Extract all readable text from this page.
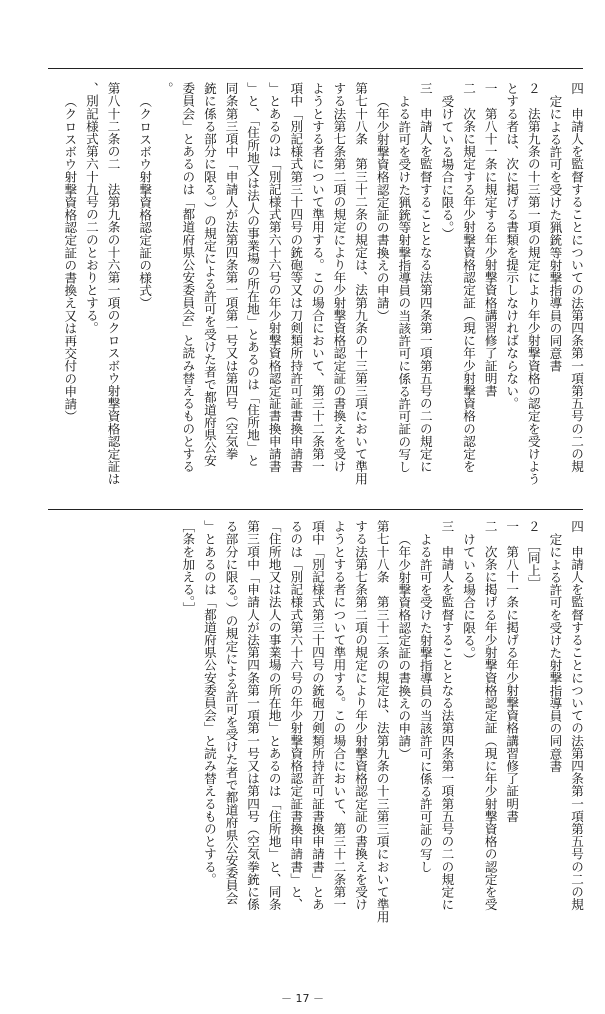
四　申請人を監督することについての法第四条第一項第五号の二の規

定による許可を受けた猟銃等射撃指導員の同意書

２　法第九条の十三第一項の規定により年少射撃資格の認定を受けよう

とする者は、次に掲げる書類を提示しなければならない。

一　第八十一条に規定する年少射撃資格講習修了証明書

二　次条に規定する年少射撃資格認定証（現に年少射撃資格の認定を

受けている場合に限る。）

三　申請人を監督することとなる法第四条第一項第五号の二の規定に

よる許可を受けた猟銃等射撃指導員の当該許可に係る許可証の写し

（年少射撃資格認定証の書換えの申請）

第七十八条　第三十二条の規定は、法第九条の十三第三項において準用

する法第七条第二項の規定により年少射撃資格認定証の書換えを受け

ようとする者について準用する。この場合において、第三十二条第一

項中「別記様式第三十四号の銃砲等又は刀剣類所持許可証書換申請書

」とあるのは「別記様式第六十六号の年少射撃資格認定証書換申請書

」と、「住所地又は法人の事業場の所在地」とあるのは「住所地」と

同条第三項中「申請人が法第四条第一項第一号又は第四号（空気拳

銃に係る部分に限る。）の規定による許可を受けた者で都道府県公安

委員会」とあるのは「都道府県公安委員会」と読み替えるものとする

。

（クロスボウ射撃資格認定証の様式）

第八十二条の二　法第九条の十六第一項のクロスボウ射撃資格認定証は

、別記様式第六十九号の二のとおりとする。

（クロスボウ射撃資格認定証の書換え又は再交付の申請）

四　申請人を監督することについての法第四条第一項第五号の二の規

定による許可を受けた射撃指導員の同意書

２　［同上］

一　第八十一条に掲げる年少射撃資格講習修了証明書

二　次条に掲げる年少射撃資格認定証（現に年少射撃資格の認定を受

けている場合に限る。）

三　申請人を監督することとなる法第四条第一項第五号の二の規定に

よる許可を受けた射撃指導員の当該許可に係る許可証の写し

（年少射撃資格認定証の書換えの申請）

第七十八条　第三十二条の規定は、法第九条の十三第三項において準用

する法第七条第二項の規定により年少射撃資格認定証の書換えを受け

ようとする者について準用する。この場合において、第三十二条第一

項中「別記様式第三十四号の銃砲刀剣類所持許可証書換申請書」とあ

るのは「別記様式第六十六号の年少射撃資格認定証書換申請書」と、

「住所地又は法人の事業場の所在地」とあるのは「住所地」と、同条

第三項中「申請人が法第四条第一項第一号又は第四号（空気拳銃に係

る部分に限る。）の規定による許可を受けた者で都道府県公安委員会

」とあるのは「都道府県公安委員会」と読み替えるものとする。

［条を加える。］

－ 17 －
